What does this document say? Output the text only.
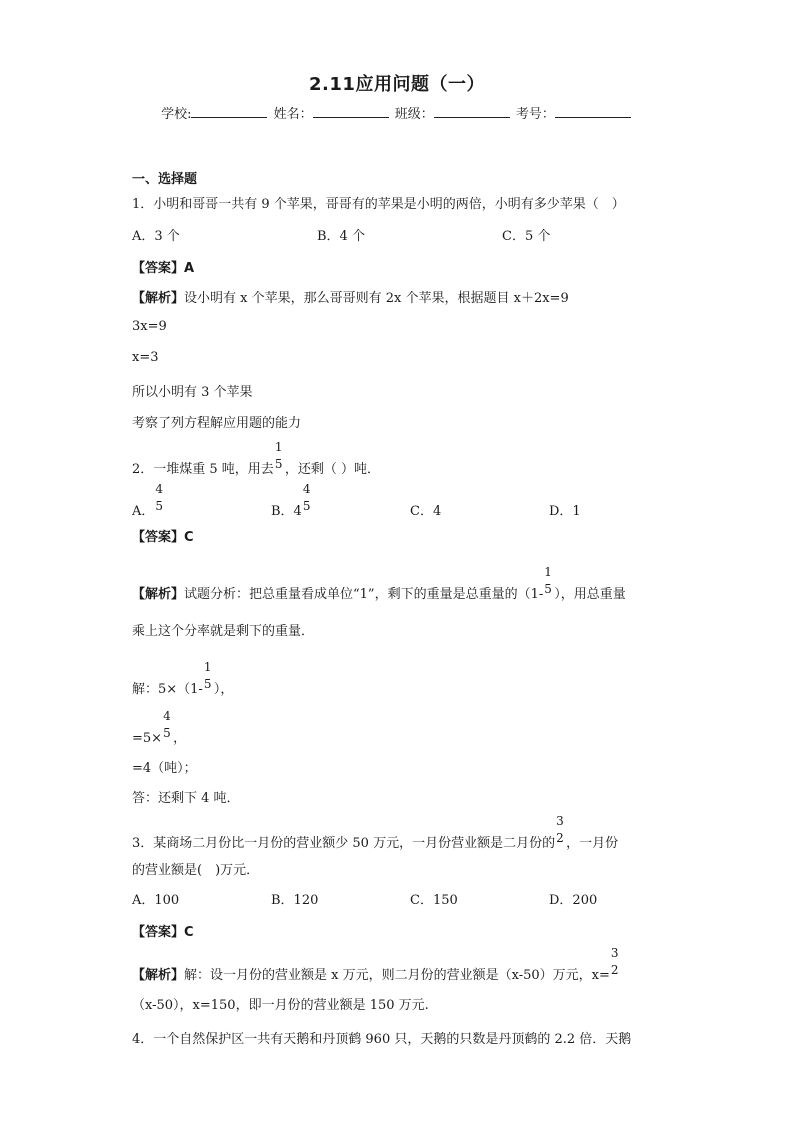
2.11应用问题（一）
学校:	姓名：	班级：	考号：
一、选择题
1．小明和哥哥一共有 9 个苹果，哥哥有的苹果是小明的两倍，小明有多少苹果（　）
A．3 个	B．4 个	C．5 个
【答案】A
【解析】设小明有 x 个苹果，那么哥哥则有 2x 个苹果，根据题目 x＋2x=9
3x=9
x=3
所以小明有 3 个苹果
考察了列方程解应用题的能力
2．一堆煤重 5 吨，用去
1
5 ，还剩（ ）吨．
A．
4
5	B．4
4
5	C．4	D．1
【答案】C
【解析】试题分析：把总重量看成单位“1”，剩下的重量是总重量的（1-
1
5 ），用总重量
乘上这个分率就是剩下的重量．
解：5×（1-
1
5 ），
=5×
4
5 ，
=4（吨）；
答：还剩下 4 吨．
3．某商场二月份比一月份的营业额少 50 万元，一月份营业额是二月份的
3
2 ，一月份
的营业额是(　)万元．
A．100	B．120	C．150	D．200
【答案】C
【解析】解：设一月份的营业额是 x 万元，则二月份的营业额是（x-50）万元，x=
3
2
（x-50），x=150，即一月份的营业额是 150 万元.
4．一个自然保护区一共有天鹅和丹顶鹤 960 只，天鹅的只数是丹顶鹤的 2.2 倍．天鹅
